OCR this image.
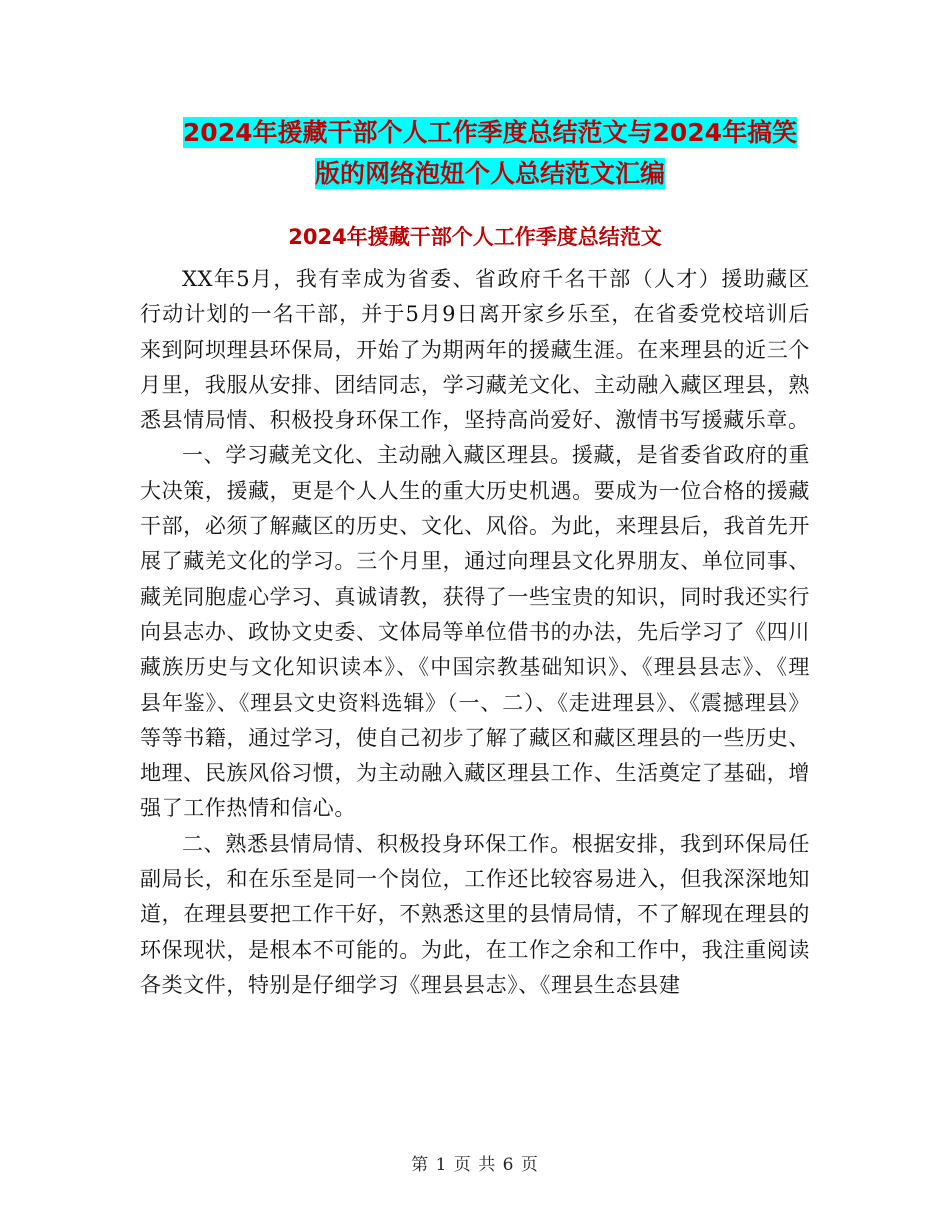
2024年援藏干部个人工作季度总结范文与2024年搞笑
版的网络泡妞个人总结范文汇编
2024年援藏干部个人工作季度总结范文

XX年5月，我有幸成为省委、省政府千名干部（人才）援助藏区行动计划的一名干部，并于5月9日离开家乡乐至，在省委党校培训后来到阿坝理县环保局，开始了为期两年的援藏生涯。在来理县的近三个月里，我服从安排、团结同志，学习藏羌文化、主动融入藏区理县，熟悉县情局情、积极投身环保工作，坚持高尚爱好、激情书写援藏乐章。

一、学习藏羌文化、主动融入藏区理县。援藏，是省委省政府的重大决策，援藏，更是个人人生的重大历史机遇。要成为一位合格的援藏干部，必须了解藏区的历史、文化、风俗。为此，来理县后，我首先开展了藏羌文化的学习。三个月里，通过向理县文化界朋友、单位同事、藏羌同胞虚心学习、真诚请教，获得了一些宝贵的知识，同时我还实行向县志办、政协文史委、文体局等单位借书的办法，先后学习了《四川藏族历史与文化知识读本》、《中国宗教基础知识》、《理县县志》、《理县年鉴》、《理县文史资料选辑》（一、二）、《走进理县》、《震撼理县》等等书籍，通过学习，使自己初步了解了藏区和藏区理县的一些历史、地理、民族风俗习惯，为主动融入藏区理县工作、生活奠定了基础，增强了工作热情和信心。

二、熟悉县情局情、积极投身环保工作。根据安排，我到环保局任副局长，和在乐至是同一个岗位，工作还比较容易进入，但我深深地知道，在理县要把工作干好，不熟悉这里的县情局情，不了解现在理县的环保现状，是根本不可能的。为此，在工作之余和工作中，我注重阅读各类文件，特别是仔细学习《理县县志》、《理县生态县建

第 1 页 共 6 页
